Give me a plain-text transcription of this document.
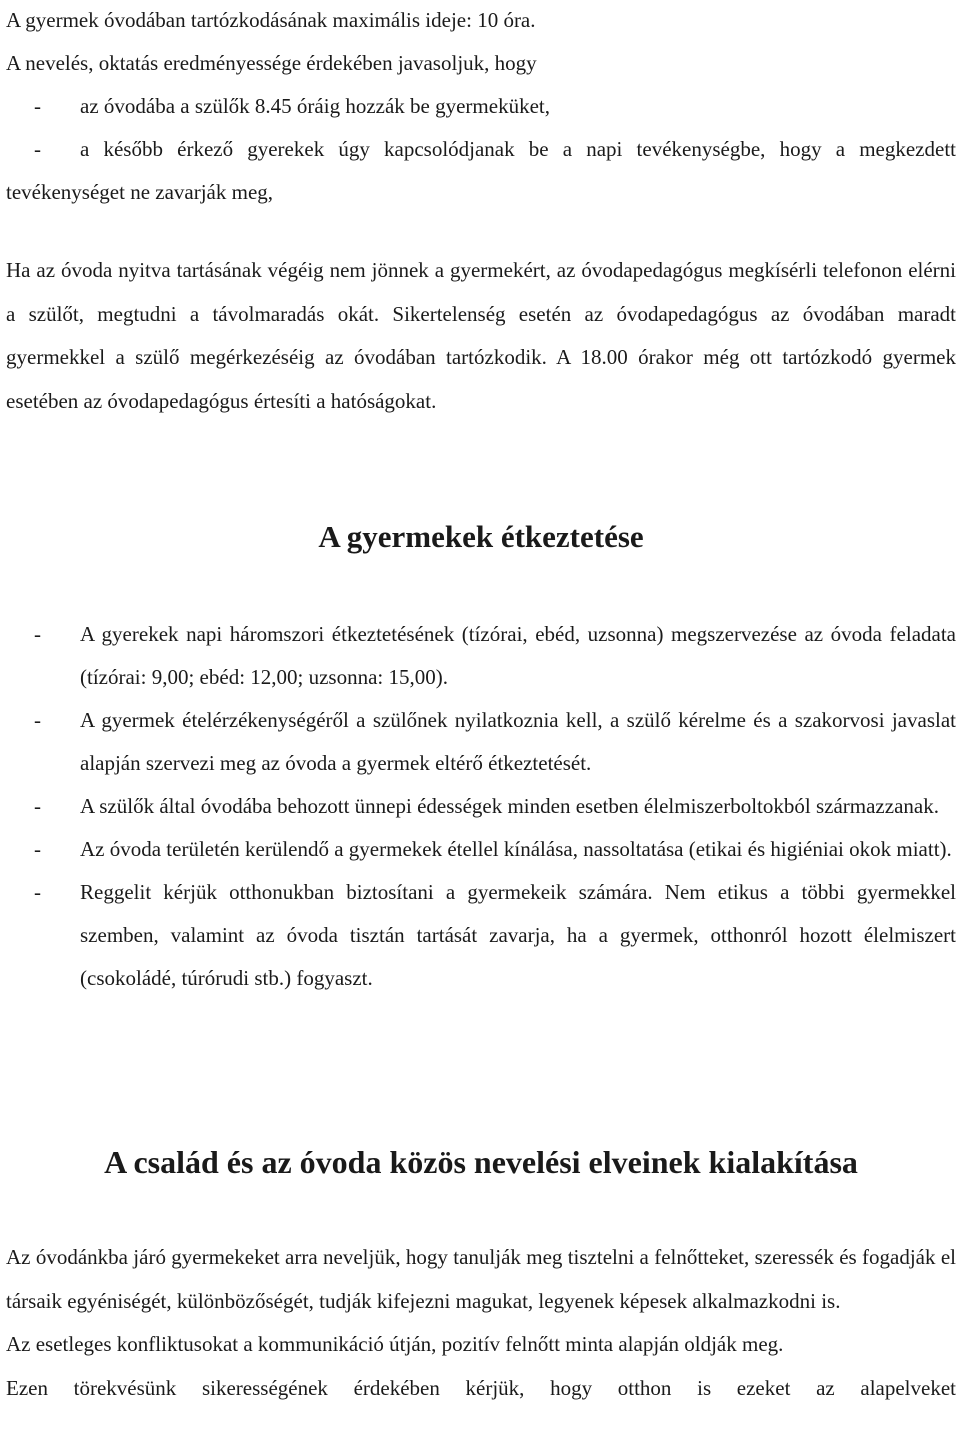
A gyermek óvodában tartózkodásának maximális ideje: 10 óra.

A nevelés, oktatás eredményessége érdekében javasoljuk, hogy

-	az óvodába a szülők 8.45 óráig hozzák be gyermeküket,
-	a később érkező gyerekek úgy kapcsolódjanak be a napi tevékenységbe, hogy a megkezdett tevékenységet ne zavarják meg,

Ha az óvoda nyitva tartásának végéig nem jönnek a gyermekért, az óvodapedagógus megkísérli telefonon elérni a szülőt, megtudni a távolmaradás okát. Sikertelenség esetén az óvodapedagógus az óvodában maradt gyermekkel a szülő megérkezéséig az óvodában tartózkodik. A 18.00 órakor még ott tartózkodó gyermek esetében az óvodapedagógus értesíti a hatóságokat.

A gyermekek étkeztetése
-	A gyerekek napi háromszori étkeztetésének (tízórai, ebéd, uzsonna) megszervezése az óvoda feladata (tízórai: 9,00; ebéd: 12,00; uzsonna: 15,00).
-	A gyermek ételérzékenységéről a szülőnek nyilatkoznia kell, a szülő kérelme és a szakorvosi javaslat alapján szervezi meg az óvoda a gyermek eltérő étkeztetését.
-	A szülők által óvodába behozott ünnepi édességek minden esetben élelmiszerboltokból származzanak.
-	Az óvoda területén kerülendő a gyermekek étellel kínálása, nassoltatása (etikai és higiéniai okok miatt).
-	Reggelit kérjük otthonukban biztosítani a gyermekeik számára. Nem etikus a többi gyermekkel szemben, valamint az óvoda tisztán tartását zavarja, ha a gyermek, otthonról hozott élelmiszert (csokoládé, túrórudi stb.) fogyaszt.
A család és az óvoda közös nevelési elveinek kialakítása

Az óvodánkba járó gyermekeket arra neveljük, hogy tanulják meg tisztelni a felnőtteket, szeressék és fogadják el társaik egyéniségét, különbözőségét, tudják kifejezni magukat, legyenek képesek alkalmazkodni is.

Az esetleges konfliktusokat a kommunikáció útján, pozitív felnőtt minta alapján oldják meg.

Ezen törekvésünk sikerességének érdekében kérjük, hogy otthon is ezeket az alapelveket
